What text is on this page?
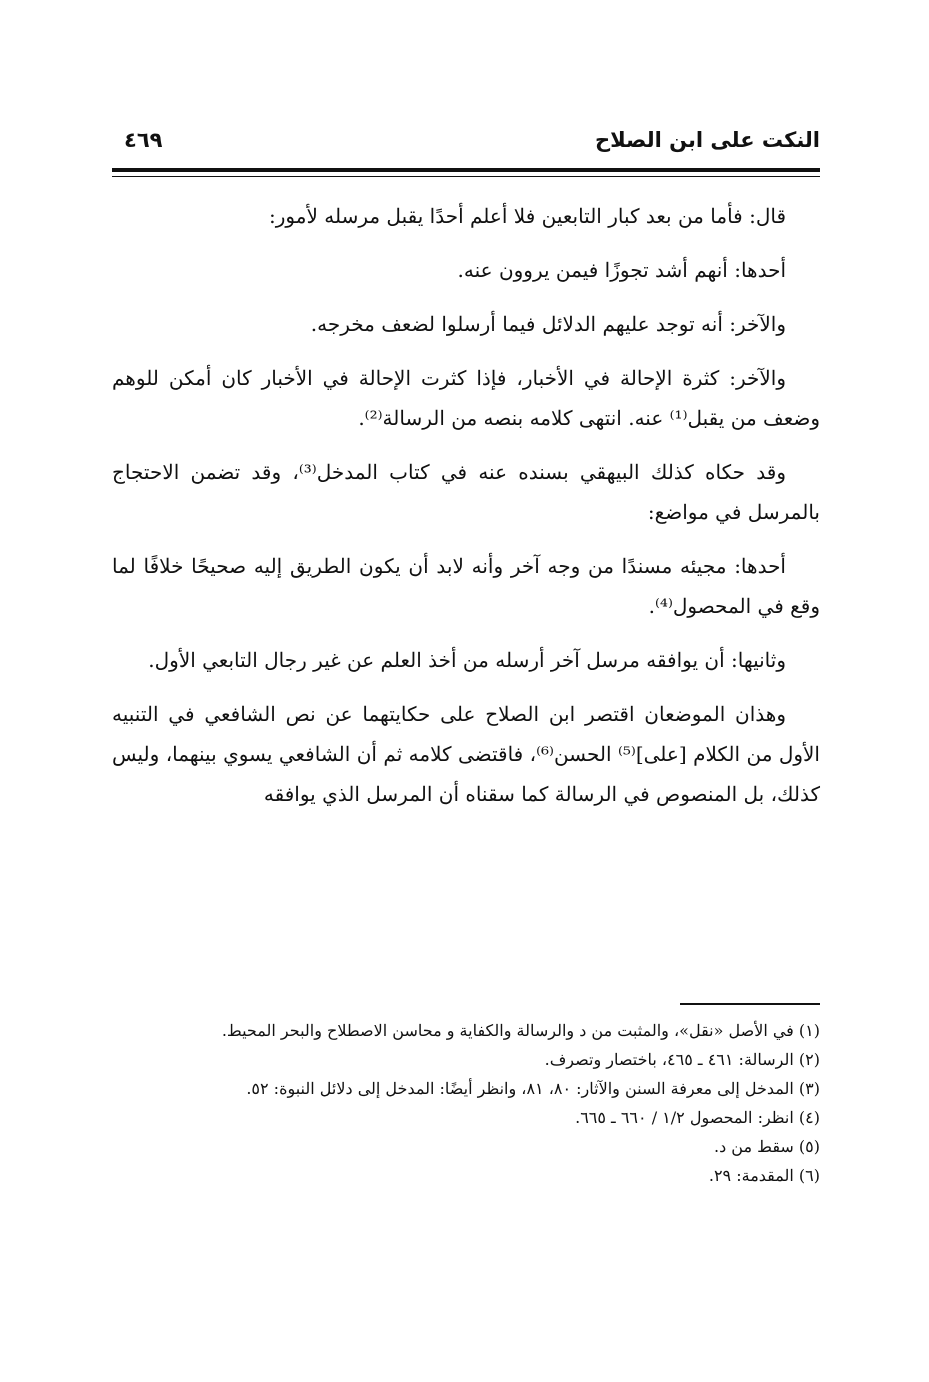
النكت على ابن الصلاح
٤٦٩

قال: فأما من بعد كبار التابعين فلا أعلم أحدًا يقبل مرسله لأمور:

أحدها: أنهم أشد تجوزًا فيمن يروون عنه.

والآخر: أنه توجد عليهم الدلائل فيما أرسلوا لضعف مخرجه.

والآخر: كثرة الإحالة في الأخبار، فإذا كثرت الإحالة في الأخبار كان أمكن للوهم وضعف من يقبل⁽¹⁾ عنه. انتهى كلامه بنصه من الرسالة⁽²⁾.

وقد حكاه كذلك البيهقي بسنده عنه في كتاب المدخل⁽³⁾، وقد تضمن الاحتجاج بالمرسل في مواضع:

أحدها: مجيئه مسندًا من وجه آخر وأنه لابد أن يكون الطريق إليه صحيحًا خلافًا لما وقع في المحصول⁽⁴⁾.

وثانيها: أن يوافقه مرسل آخر أرسله من أخذ العلم عن غير رجال التابعي الأول.

وهذان الموضعان اقتصر ابن الصلاح على حكايتهما عن نص الشافعي في التنبيه الأول من الكلام [على]⁽⁵⁾ الحسن⁽⁶⁾، فاقتضى كلامه ثم أن الشافعي يسوي بينهما، وليس كذلك، بل المنصوص في الرسالة كما سقناه أن المرسل الذي يوافقه

(١) في الأصل «نقل»، والمثبت من د والرسالة والكفاية و محاسن الاصطلاح والبحر المحيط.
(٢) الرسالة: ٤٦١ ـ ٤٦٥، باختصار وتصرف.
(٣) المدخل إلى معرفة السنن والآثار: ٨٠، ٨١، وانظر أيضًا: المدخل إلى دلائل النبوة: ٥٢.
(٤) انظر: المحصول ١/٢ / ٦٦٠ ـ ٦٦٥.
(٥) سقط من د.
(٦) المقدمة: ٢٩.
